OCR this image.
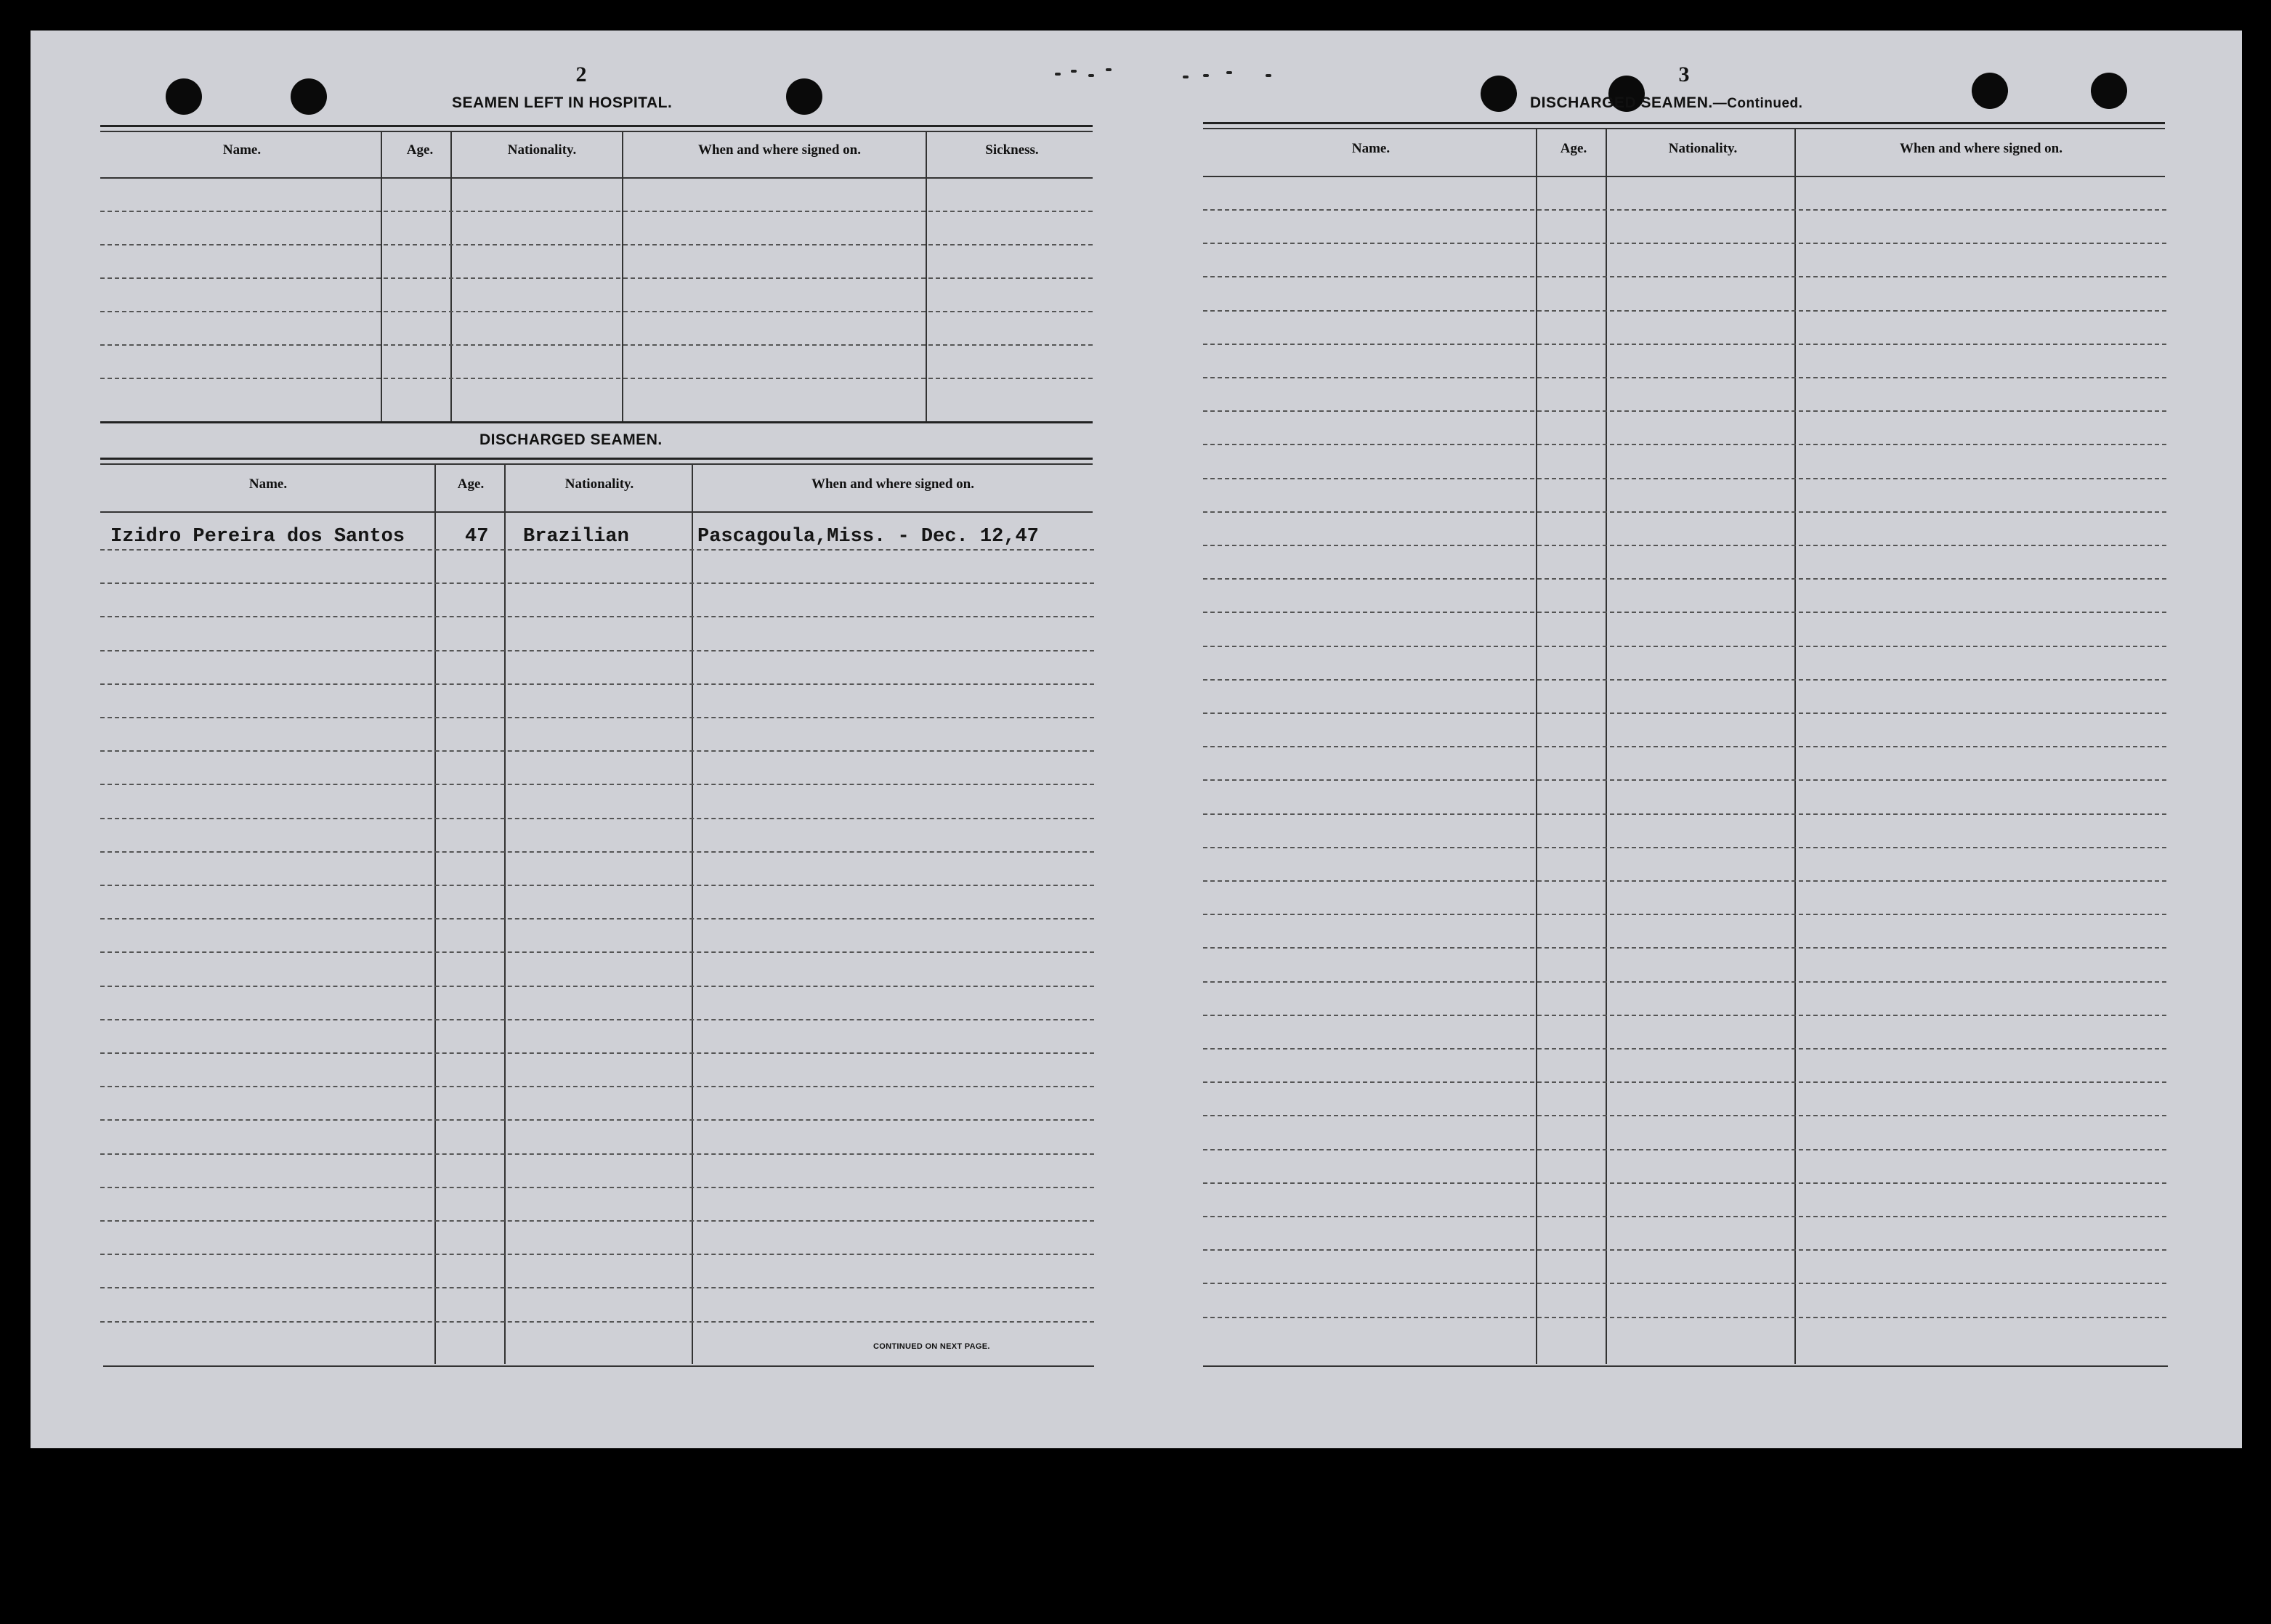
2
SEAMEN LEFT IN HOSPITAL.
Name.	Age.	Nationality.	When and where signed on.	Sickness.
DISCHARGED SEAMEN.
Name.	Age.	Nationality.	When and where signed on.
Izidro Pereira dos Santos	47 Brazilian	Pascagoula,Miss. - Dec. 12,47
CONTINUED ON NEXT PAGE.
3
DISCHARGED SEAMEN.—Continued.
Name.	Age.	Nationality.	When and where signed on.
